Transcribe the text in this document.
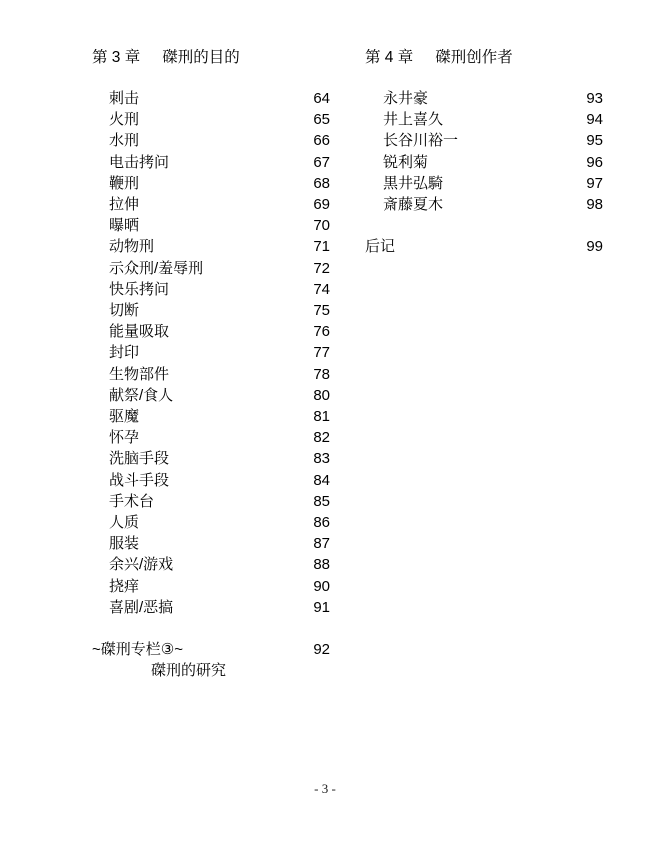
第 3 章 磔刑的目的
刺击	64
火刑	65
水刑	66
电击拷问	67
鞭刑	68
拉伸	69
曝晒	70
动物刑	71
示众刑/羞辱刑	72
快乐拷问	74
切断	75
能量吸取	76
封印	77
生物部件	78
献祭/食人	80
驱魔	81
怀孕	82
洗脑手段	83
战斗手段	84
手术台	85
人质	86
服装	87
余兴/游戏	88
挠痒	90
喜剧/恶搞	91
~磔刑专栏③~	92
磔刑的研究
第 4 章 磔刑创作者
永井豪	93
井上喜久	94
长谷川裕一	95
锐利菊	96
黒井弘騎	97
斎藤夏木	98
后记	99
- 3 -
